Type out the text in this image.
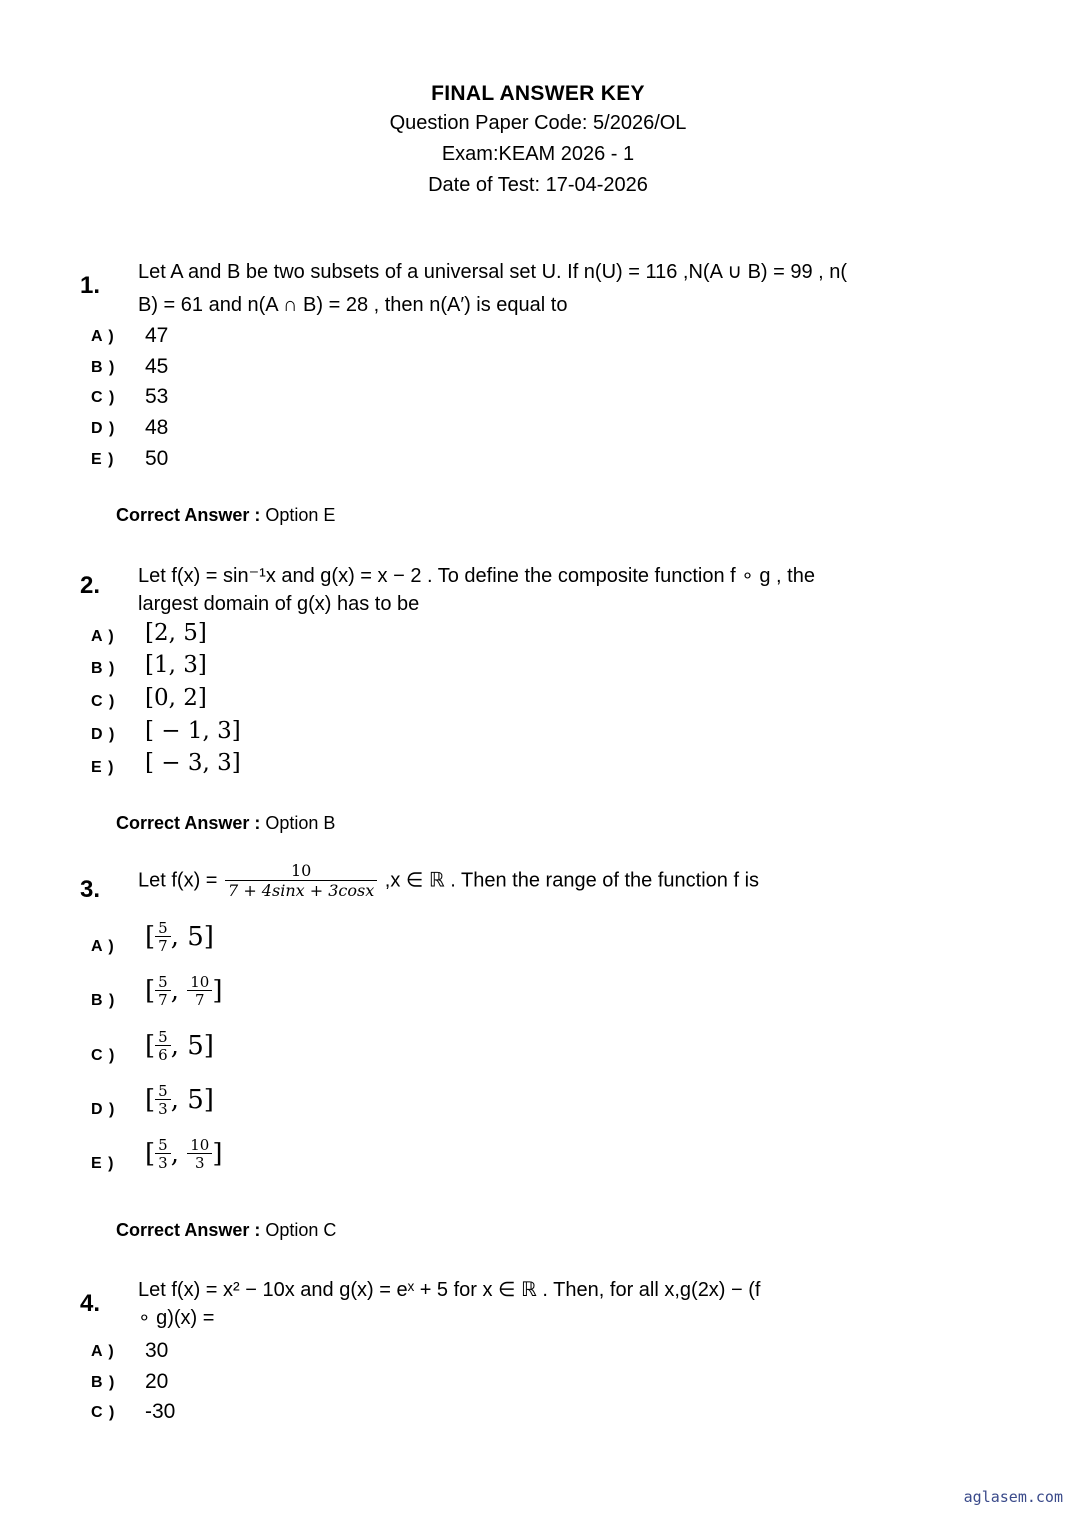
FINAL ANSWER KEY
Question Paper Code: 5/2026/OL
Exam:KEAM 2026 - 1
Date of Test: 17-04-2026
1. Let A and B be two subsets of a universal set U. If n(U) = 116 ,N(A ∪ B) = 99 , n(
B) = 61 and n(A ∩ B) = 28 , then n(A′) is equal to
A ) 47
B ) 45
C ) 53
D ) 48
E ) 50
Correct Answer : Option E
2. Let f(x) = sin⁻¹x and g(x) = x − 2 . To define the composite function f ∘ g , the
largest domain of g(x) has to be
A ) [2, 5]
B ) [1, 3]
C ) [0, 2]
D ) [ − 1, 3]
E ) [ − 3, 3]
Correct Answer : Option B
3. Let $f(x) = \frac{10}{7 + 4\sin x + 3\cos x} ,x$ ∈ ℝ . Then the range of the function f is
A ) [ $\frac{5}{7}$ , 5]
B ) [ $\frac{5}{7}$ , $\frac{10}{7}$ ]
C ) [ $\frac{5}{6}$ , 5]
D ) [ $\frac{5}{3}$ , 5]
E ) [ $\frac{5}{3}$ , $\frac{10}{3}$ ]
Correct Answer : Option C
4. Let f(x) = x² − 10x and g(x) = eˣ + 5 for x ∈ ℝ . Then, for all x,g(2x) − (f
∘ g)(x) =
A ) 30
B ) 20
C ) -30
aglasem.com
